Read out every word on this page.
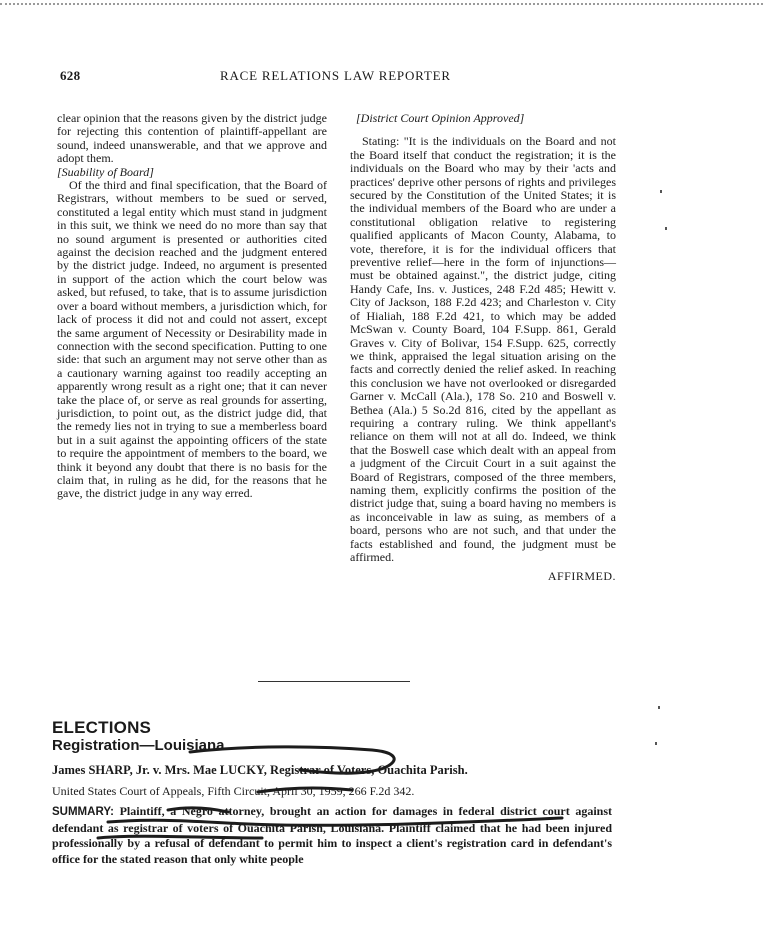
628	RACE RELATIONS LAW REPORTER

clear opinion that the reasons given by the district judge for rejecting this contention of plaintiff-appellant are sound, indeed unanswerable, and that we approve and adopt them.

[Suability of Board]

Of the third and final specification, that the Board of Registrars, without members to be sued or served, constituted a legal entity which must stand in judgment in this suit, we think we need do no more than say that no sound argument is presented or authorities cited against the decision reached and the judgment entered by the district judge. Indeed, no argument is presented in support of the action which the court below was asked, but refused, to take, that is to assume jurisdiction over a board without members, a jurisdiction which, for lack of process it did not and could not assert, except the same argument of Necessity or Desirability made in connection with the second specification. Putting to one side: that such an argument may not serve other than as a cautionary warning against too readily accepting an apparently wrong result as a right one; that it can never take the place of, or serve as real grounds for asserting, jurisdiction, to point out, as the district judge did, that the remedy lies not in trying to sue a memberless board but in a suit against the appointing officers of the state to require the appointment of members to the board, we think it beyond any doubt that there is no basis for the claim that, in ruling as he did, for the reasons that he gave, the district judge in any way erred.

[District Court Opinion Approved]

Stating: "It is the individuals on the Board and not the Board itself that conduct the registration; it is the individuals on the Board who may by their 'acts and practices' deprive other persons of rights and privileges secured by the Constitution of the United States; it is the individual members of the Board who are under a constitutional obligation relative to registering qualified applicants of Macon County, Alabama, to vote, therefore, it is for the individual officers that preventive relief—here in the form of injunctions—must be obtained against.", the district judge, citing Handy Cafe, Ins. v. Justices, 248 F.2d 485; Hewitt v. City of Jackson, 188 F.2d 423; and Charleston v. City of Hialiah, 188 F.2d 421, to which may be added McSwan v. County Board, 104 F.Supp. 861, Gerald Graves v. City of Bolivar, 154 F.Supp. 625, correctly we think, appraised the legal situation arising on the facts and correctly denied the relief asked. In reaching this conclusion we have not overlooked or disregarded Garner v. McCall (Ala.), 178 So. 210 and Boswell v. Bethea (Ala.) 5 So.2d 816, cited by the appellant as requiring a contrary ruling. We think appellant's reliance on them will not at all do. Indeed, we think that the Boswell case which dealt with an appeal from a judgment of the Circuit Court in a suit against the Board of Registrars, composed of the three members, naming them, explicitly confirms the position of the district judge that, suing a board having no members is as inconceivable in law as suing, as members of a board, persons who are not such, and that under the facts established and found, the judgment must be affirmed.

AFFIRMED.

ELECTIONS
Registration—Louisiana
James SHARP, Jr. v. Mrs. Mae LUCKY, Registrar of Voters, Ouachita Parish.
United States Court of Appeals, Fifth Circuit, April 30, 1959, 266 F.2d 342.
SUMMARY: Plaintiff, a Negro attorney, brought an action for damages in federal district court against defendant as registrar of voters of Ouachita Parish, Louisiana. Plaintiff claimed that he had been injured professionally by a refusal of defendant to permit him to inspect a client's registration card in defendant's office for the stated reason that only white people
